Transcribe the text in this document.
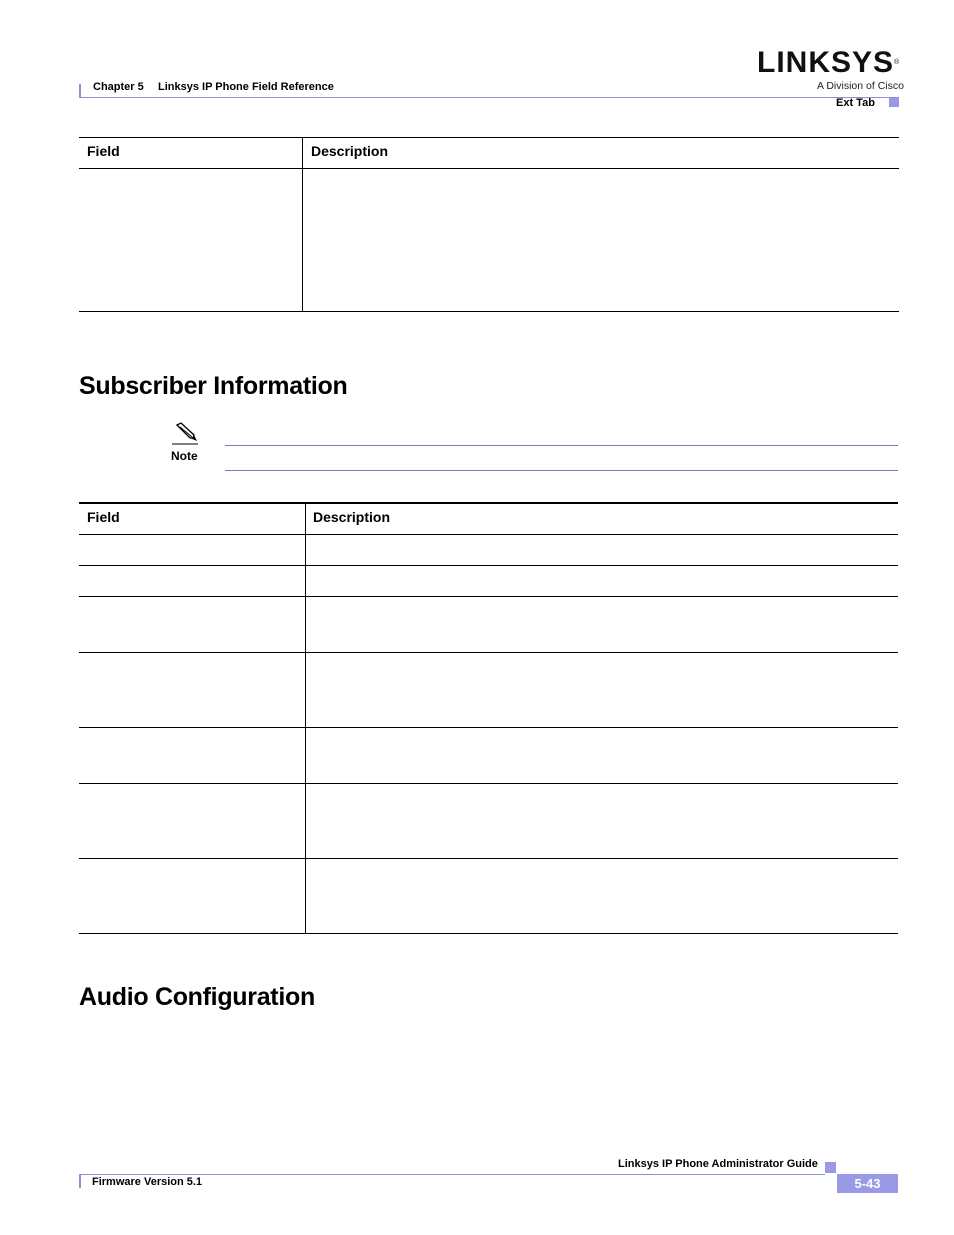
Chapter 5 Linksys IP Phone Field Reference
LINKSYS®
A Division of Cisco
Ext Tab
Field	Description
Subscriber Information
Note
Field	Description
Audio Configuration
Linksys IP Phone Administrator Guide
Firmware Version 5.1	5-43
